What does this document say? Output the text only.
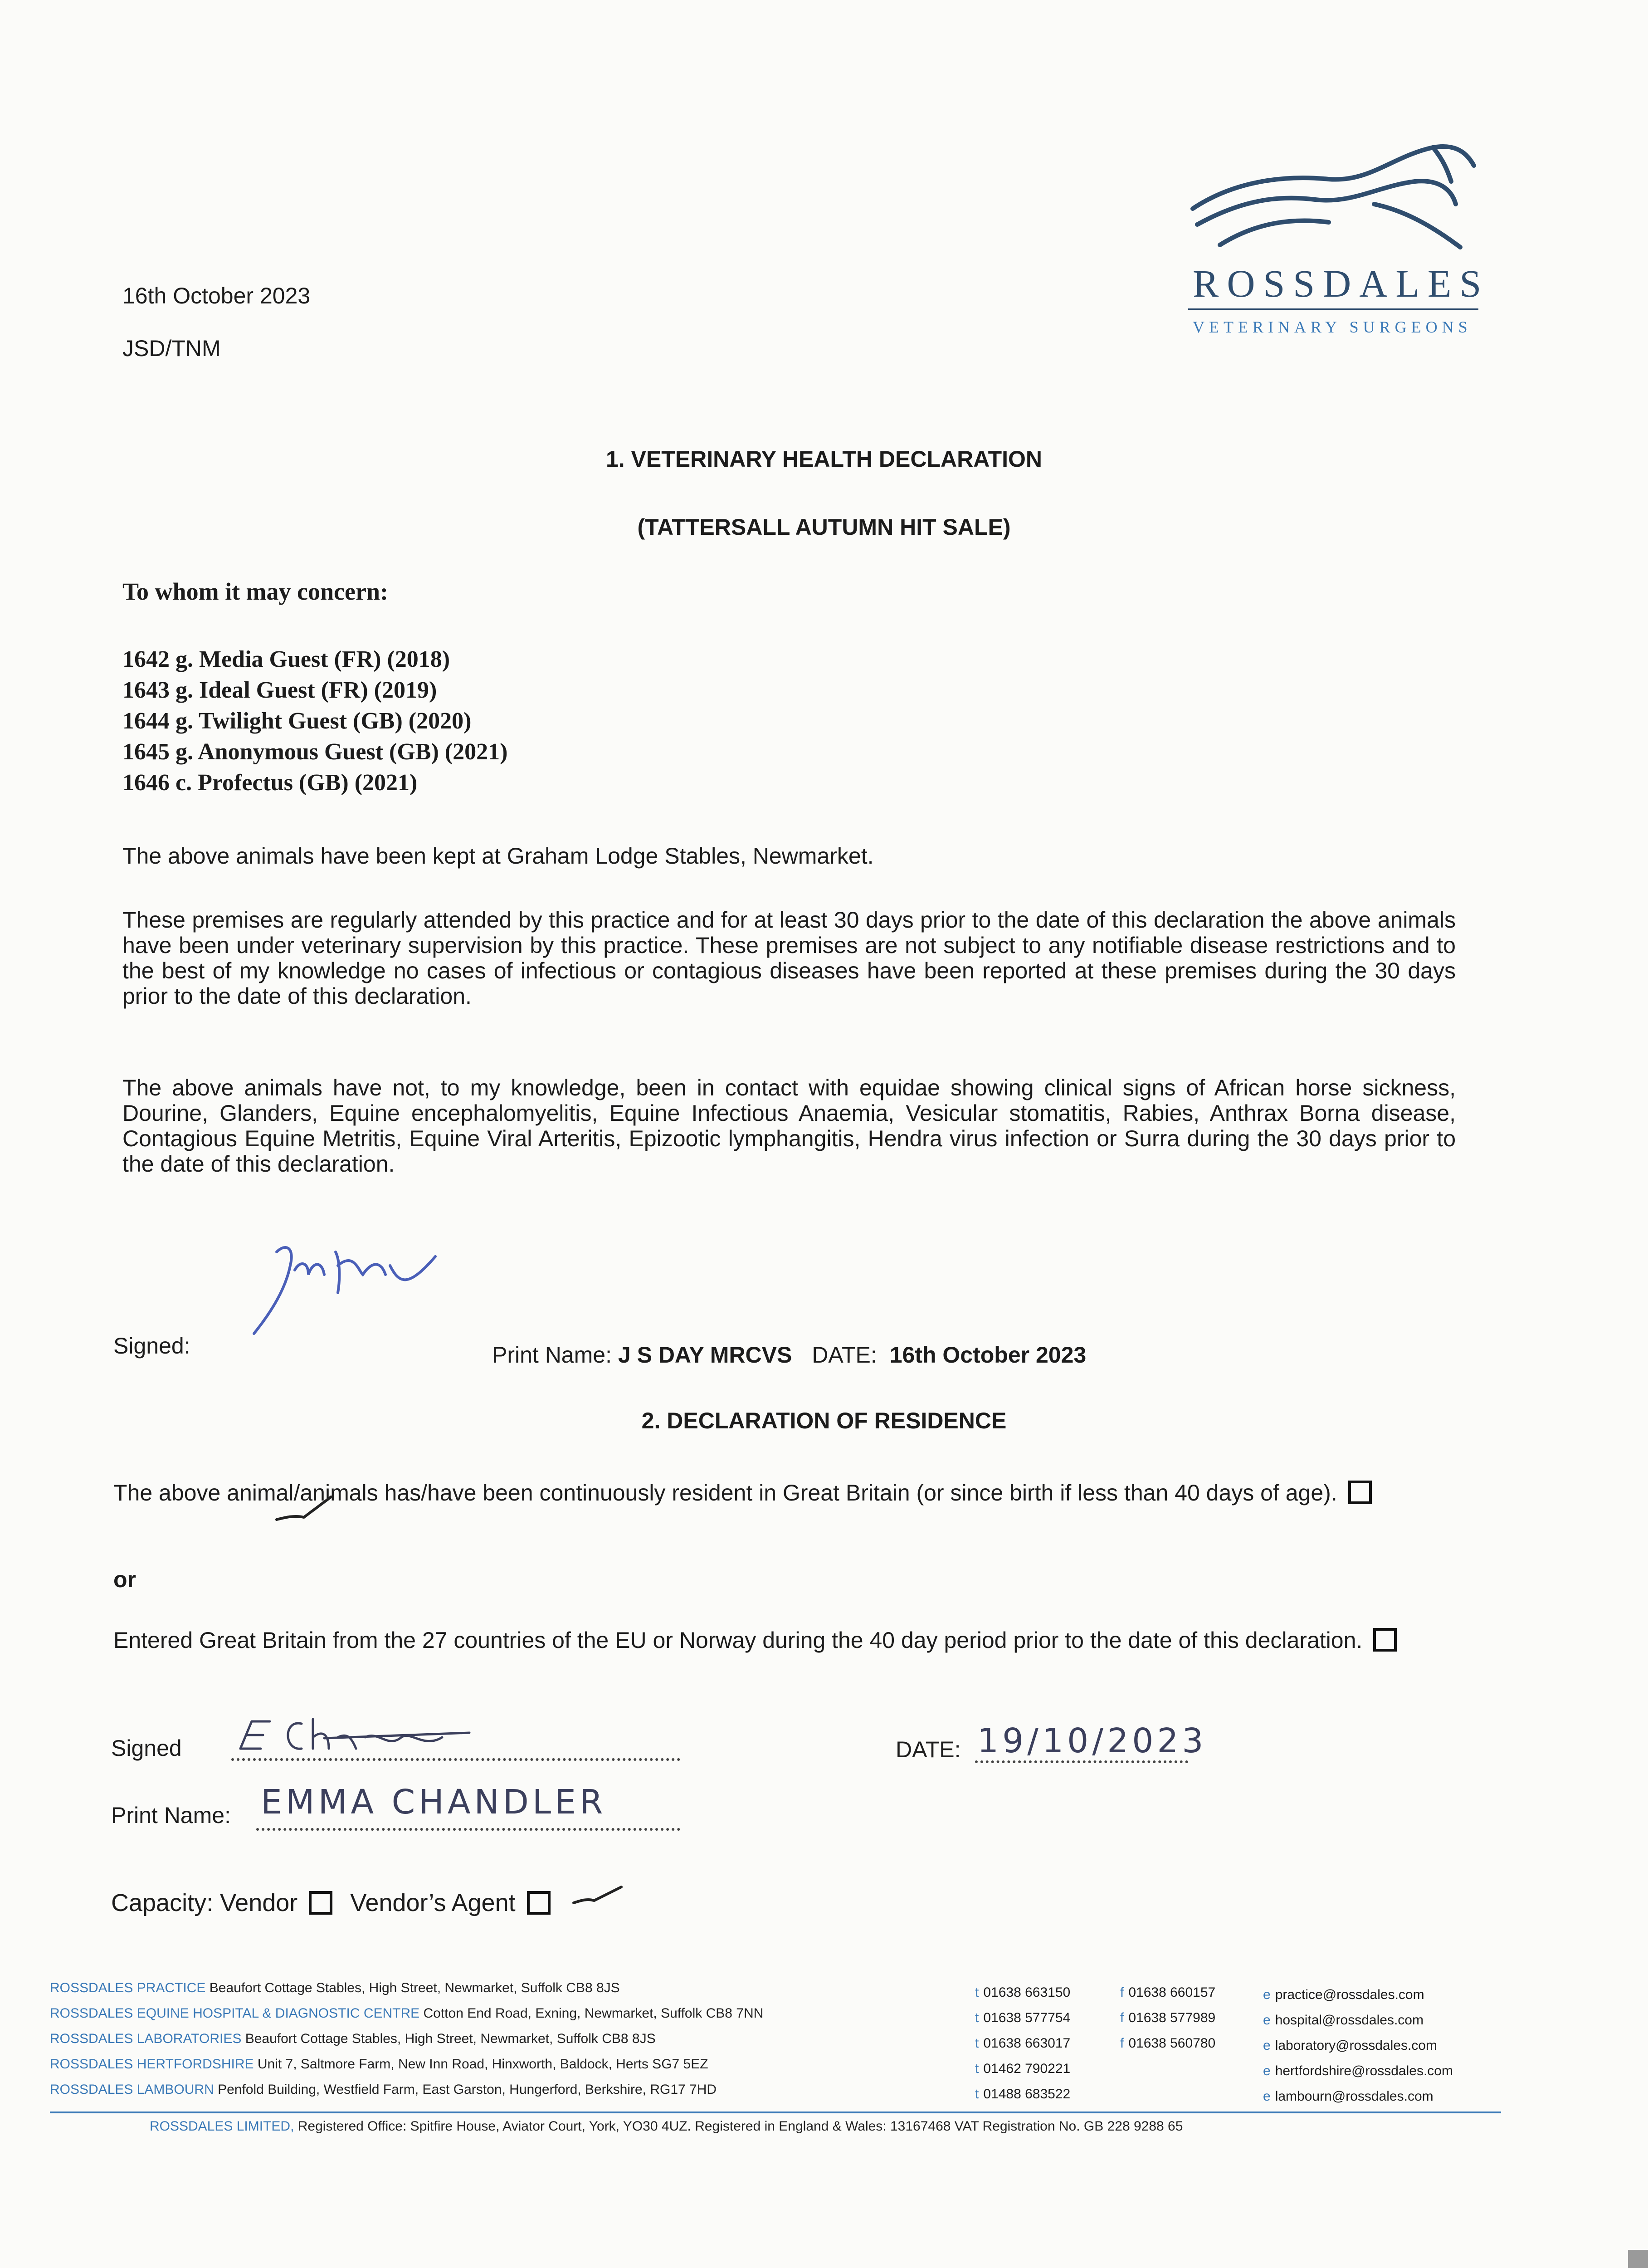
16th October 2023
JSD/TNM
ROSSDALES
VETERINARY SURGEONS
1. VETERINARY HEALTH DECLARATION
(TATTERSALL AUTUMN HIT SALE)
To whom it may concern:
1642 g. Media Guest (FR) (2018)
1643 g. Ideal Guest (FR) (2019)
1644 g. Twilight Guest (GB) (2020)
1645 g. Anonymous Guest (GB) (2021)
1646 c. Profectus (GB) (2021)
The above animals have been kept at Graham Lodge Stables, Newmarket.
These premises are regularly attended by this practice and for at least 30 days prior to the date of this declaration the above animals have been under veterinary supervision by this practice. These premises are not subject to any notifiable disease restrictions and to the best of my knowledge no cases of infectious or contagious diseases have been reported at these premises during the 30 days prior to the date of this declaration.
The above animals have not, to my knowledge, been in contact with equidae showing clinical signs of African horse sickness, Dourine, Glanders, Equine encephalomyelitis, Equine Infectious Anaemia, Vesicular stomatitis, Rabies, Anthrax Borna disease, Contagious Equine Metritis, Equine Viral Arteritis, Epizootic lymphangitis, Hendra virus infection or Surra during the 30 days prior to the date of this declaration.
Signed:	Print Name: J S DAY MRCVS DATE: 16th October 2023
2. DECLARATION OF RESIDENCE
The above animal/animals has/have been continuously resident in Great Britain (or since birth if less than 40 days of age).
or
Entered Great Britain from the 27 countries of the EU or Norway during the 40 day period prior to the date of this declaration.
Signed	DATE: 19/10/2023
Print Name: EMMA CHANDLER
Capacity: Vendor Vendor’s Agent
ROSSDALES PRACTICE Beaufort Cottage Stables, High Street, Newmarket, Suffolk CB8 8JS
ROSSDALES EQUINE HOSPITAL & DIAGNOSTIC CENTRE Cotton End Road, Exning, Newmarket, Suffolk CB8 7NN
ROSSDALES LABORATORIES Beaufort Cottage Stables, High Street, Newmarket, Suffolk CB8 8JS
ROSSDALES HERTFORDSHIRE Unit 7, Saltmore Farm, New Inn Road, Hinxworth, Baldock, Herts SG7 5EZ
ROSSDALES LAMBOURN Penfold Building, Westfield Farm, East Garston, Hungerford, Berkshire, RG17 7HD
t 01638 663150
t 01638 577754
t 01638 663017
t 01462 790221
t 01488 683522
f 01638 660157
f 01638 577989
f 01638 560780
e practice@rossdales.com
e hospital@rossdales.com
e laboratory@rossdales.com
e hertfordshire@rossdales.com
e lambourn@rossdales.com
ROSSDALES LIMITED, Registered Office: Spitfire House, Aviator Court, York, YO30 4UZ. Registered in England & Wales: 13167468 VAT Registration No. GB 228 9288 65
